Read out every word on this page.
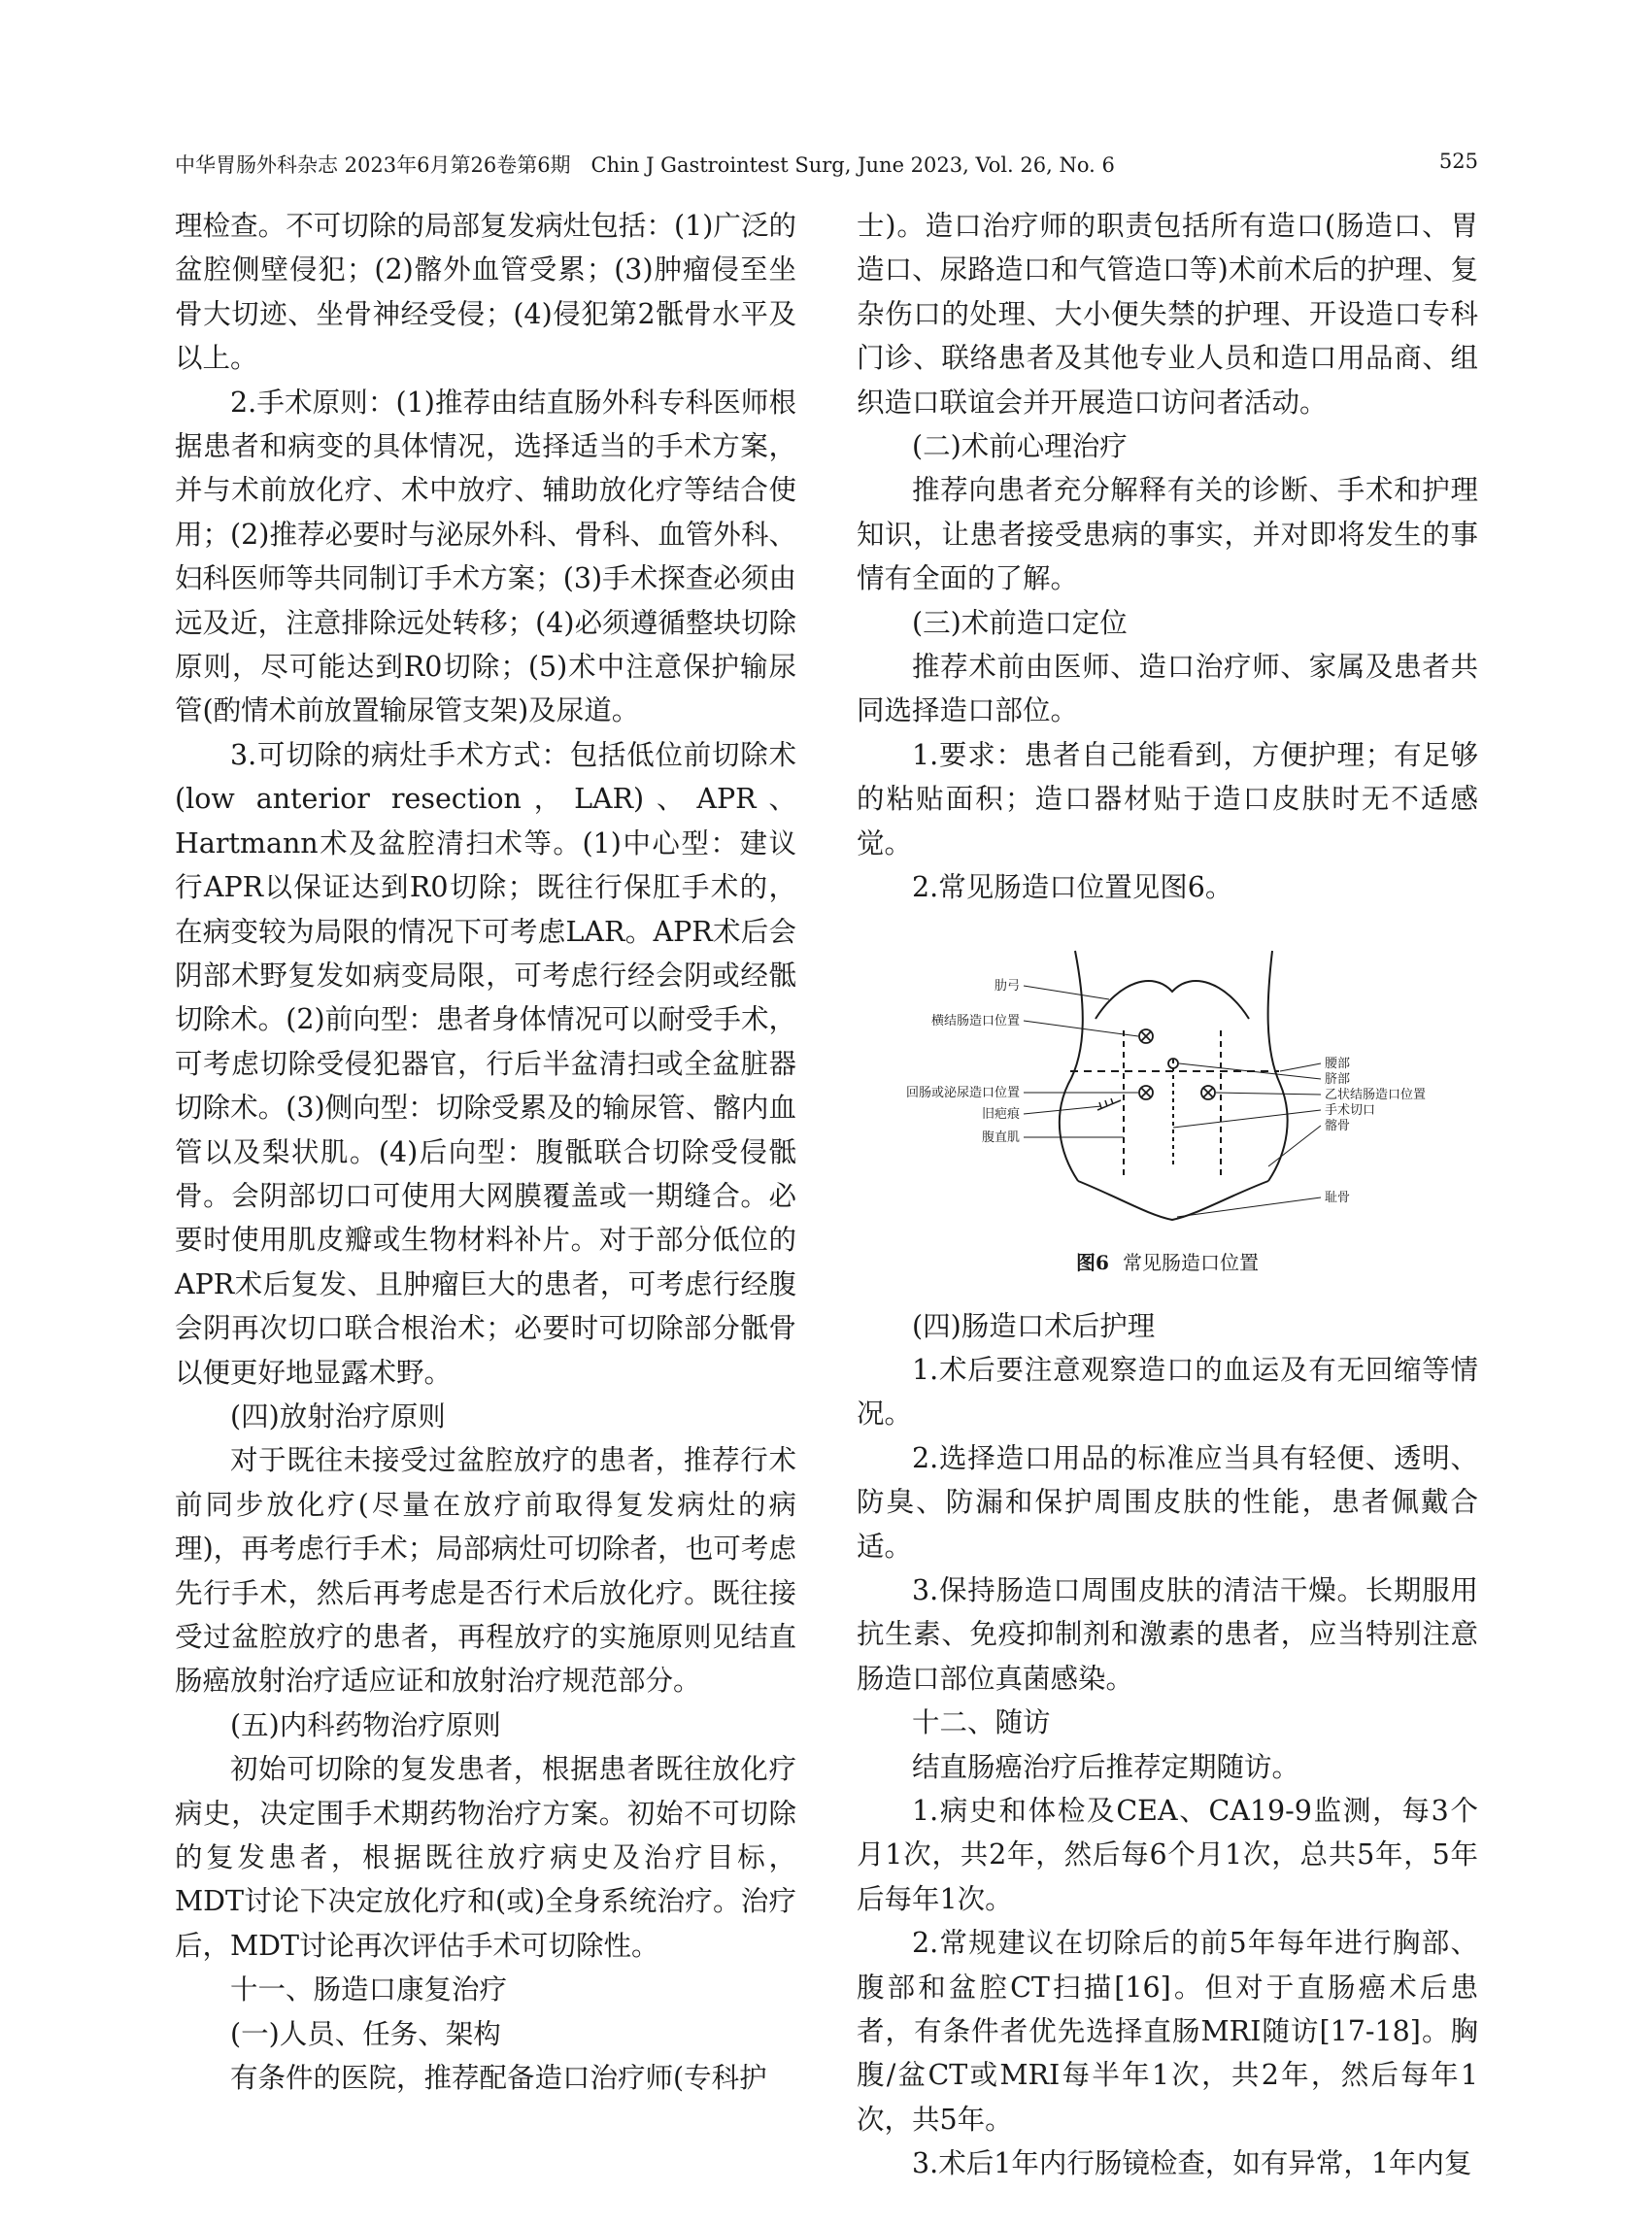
中华胃肠外科杂志 2023年6月第26卷第6期　Chin J Gastrointest Surg, June 2023, Vol. 26, No. 6	525

理检查。不可切除的局部复发病灶包括：(1)广泛的盆腔侧壁侵犯；(2)髂外血管受累；(3)肿瘤侵至坐骨大切迹、坐骨神经受侵；(4)侵犯第2骶骨水平及以上。

2.手术原则：(1)推荐由结直肠外科专科医师根据患者和病变的具体情况，选择适当的手术方案，并与术前放化疗、术中放疗、辅助放化疗等结合使用；(2)推荐必要时与泌尿外科、骨科、血管外科、妇科医师等共同制订手术方案；(3)手术探查必须由远及近，注意排除远处转移；(4)必须遵循整块切除原则，尽可能达到R0切除；(5)术中注意保护输尿管(酌情术前放置输尿管支架)及尿道。

3.可切除的病灶手术方式：包括低位前切除术(low anterior resection，LAR)、APR、Hartmann术及盆腔清扫术等。(1)中心型：建议行APR以保证达到R0切除；既往行保肛手术的，在病变较为局限的情况下可考虑LAR。APR术后会阴部术野复发如病变局限，可考虑行经会阴或经骶切除术。(2)前向型：患者身体情况可以耐受手术，可考虑切除受侵犯器官，行后半盆清扫或全盆脏器切除术。(3)侧向型：切除受累及的输尿管、髂内血管以及梨状肌。(4)后向型：腹骶联合切除受侵骶骨。会阴部切口可使用大网膜覆盖或一期缝合。必要时使用肌皮瓣或生物材料补片。对于部分低位的APR术后复发、且肿瘤巨大的患者，可考虑行经腹会阴再次切口联合根治术；必要时可切除部分骶骨以便更好地显露术野。

(四)放射治疗原则

对于既往未接受过盆腔放疗的患者，推荐行术前同步放化疗(尽量在放疗前取得复发病灶的病理)，再考虑行手术；局部病灶可切除者，也可考虑先行手术，然后再考虑是否行术后放化疗。既往接受过盆腔放疗的患者，再程放疗的实施原则见结直肠癌放射治疗适应证和放射治疗规范部分。

(五)内科药物治疗原则

初始可切除的复发患者，根据患者既往放化疗病史，决定围手术期药物治疗方案。初始不可切除的复发患者，根据既往放疗病史及治疗目标，MDT讨论下决定放化疗和(或)全身系统治疗。治疗后，MDT讨论再次评估手术可切除性。

十一、肠造口康复治疗

(一)人员、任务、架构

有条件的医院，推荐配备造口治疗师(专科护

士)。造口治疗师的职责包括所有造口(肠造口、胃造口、尿路造口和气管造口等)术前术后的护理、复杂伤口的处理、大小便失禁的护理、开设造口专科门诊、联络患者及其他专业人员和造口用品商、组织造口联谊会并开展造口访问者活动。

(二)术前心理治疗

推荐向患者充分解释有关的诊断、手术和护理知识，让患者接受患病的事实，并对即将发生的事情有全面的了解。

(三)术前造口定位

推荐术前由医师、造口治疗师、家属及患者共同选择造口部位。

1.要求：患者自己能看到，方便护理；有足够的粘贴面积；造口器材贴于造口皮肤时无不适感觉。

2.常见肠造口位置见图6。

肋弓
横结肠造口位置
回肠或泌尿造口位置
旧疤痕
腹直肌
腰部
脐部
乙状结肠造口位置
手术切口
髂骨
耻骨
图6 常见肠造口位置

(四)肠造口术后护理

1.术后要注意观察造口的血运及有无回缩等情况。

2.选择造口用品的标准应当具有轻便、透明、防臭、防漏和保护周围皮肤的性能，患者佩戴合适。

3.保持肠造口周围皮肤的清洁干燥。长期服用抗生素、免疫抑制剂和激素的患者，应当特别注意肠造口部位真菌感染。

十二、随访

结直肠癌治疗后推荐定期随访。

1.病史和体检及CEA、CA19-9监测，每3个月1次，共2年，然后每6个月1次，总共5年，5年后每年1次。

2.常规建议在切除后的前5年每年进行胸部、腹部和盆腔CT扫描[16]。但对于直肠癌术后患者，有条件者优先选择直肠MRI随访[17-18]。胸腹/盆CT或MRI每半年1次，共2年，然后每年1次，共5年。

3.术后1年内行肠镜检查，如有异常，1年内复
